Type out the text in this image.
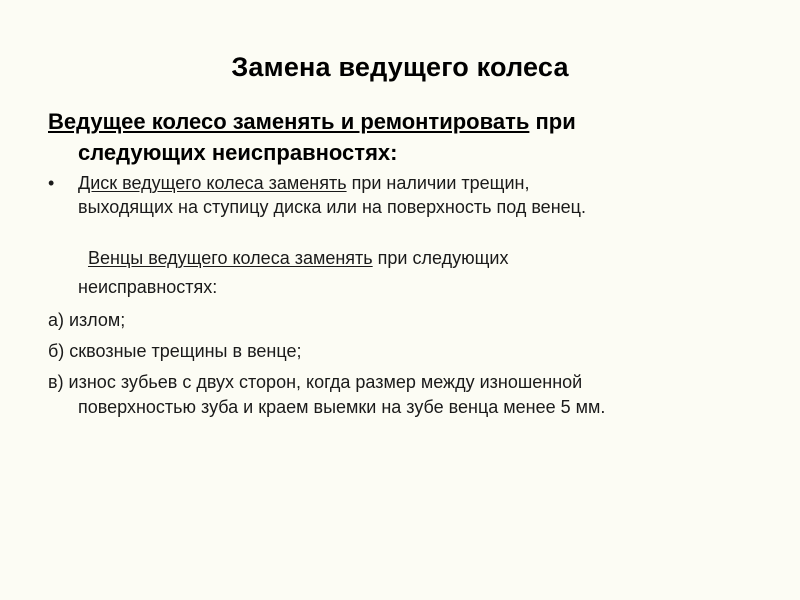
Замена ведущего колеса
Ведущее колесо заменять и ремонтировать при
следующих неисправностях:
•	Диск ведущего колеса заменять при наличии трещин,
выходящих на ступицу диска или на поверхность под венец.
Венцы ведущего колеса заменять при следующих
неисправностях:
а) излом;
б) сквозные трещины в венце;
в) износ зубьев с двух сторон, когда размер между изношенной
поверхностью зуба и краем выемки на зубе венца менее 5 мм.
